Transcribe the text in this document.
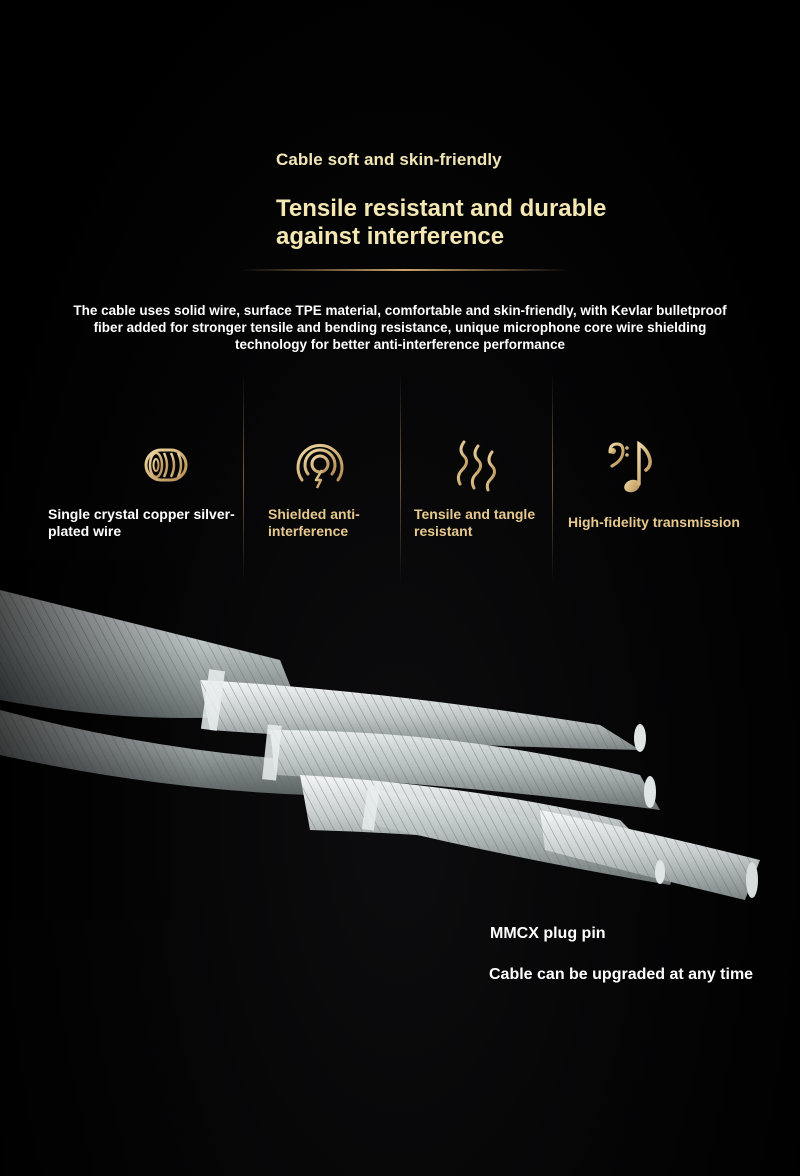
Cable soft and skin-friendly
Tensile resistant and durable against interference
The cable uses solid wire, surface TPE material, comfortable and skin-friendly, with Kevlar bulletproof fiber added for stronger tensile and bending resistance, unique microphone core wire shielding technology for better anti-interference performance
Single crystal copper silver-plated wire
Shielded anti-interference
Tensile and tangle resistant
High-fidelity transmission
MMCX plug pin
Cable can be upgraded at any time
